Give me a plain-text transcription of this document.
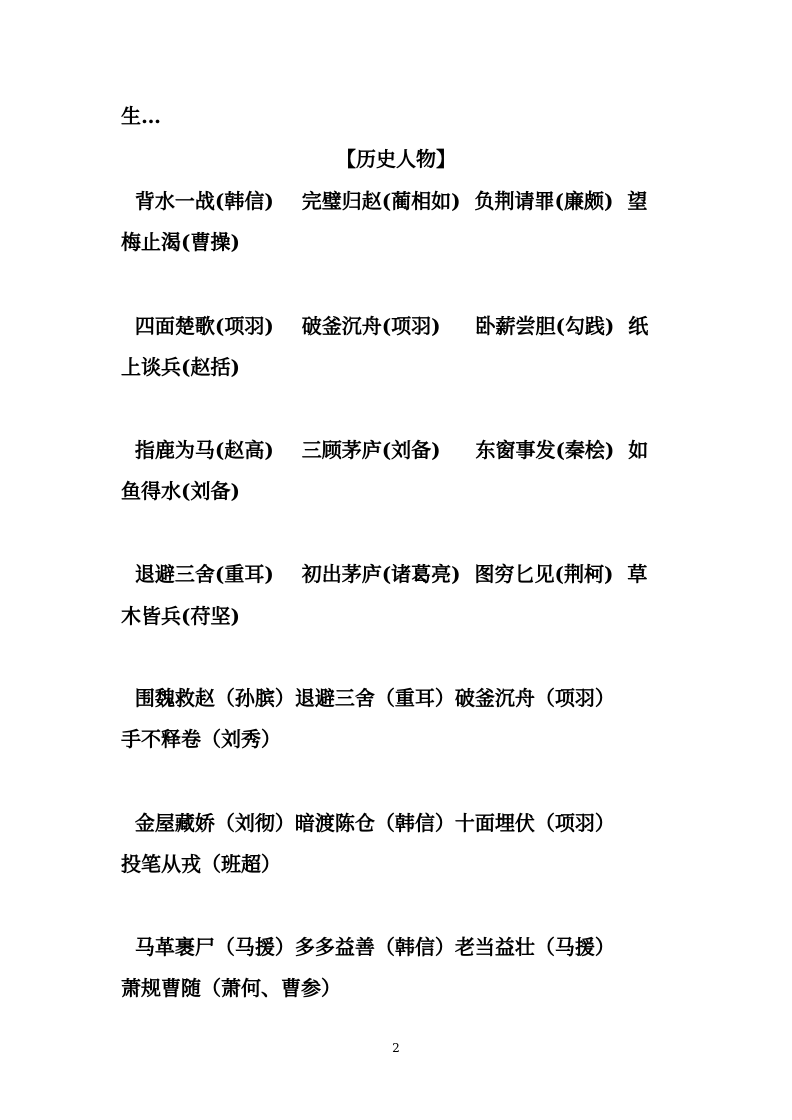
生…
【历史人物】
背水一战(韩信)    完璧归赵(蔺相如)  负荆请罪(廉颇)  望
梅止渴(曹操)
四面楚歌(项羽)    破釜沉舟(项羽)     卧薪尝胆(勾践)  纸
上谈兵(赵括)
指鹿为马(赵高)    三顾茅庐(刘备)     东窗事发(秦桧)  如
鱼得水(刘备)
退避三舍(重耳)    初出茅庐(诸葛亮)  图穷匕见(荆柯)  草
木皆兵(苻坚)
围魏救赵（孙膑）退避三舍（重耳）破釜沉舟（项羽）
手不释卷（刘秀）
金屋藏娇（刘彻）暗渡陈仓（韩信）十面埋伏（项羽）
投笔从戎（班超）
马革裹尸（马援）多多益善（韩信）老当益壮（马援）
萧规曹随（萧何、曹参）
2
